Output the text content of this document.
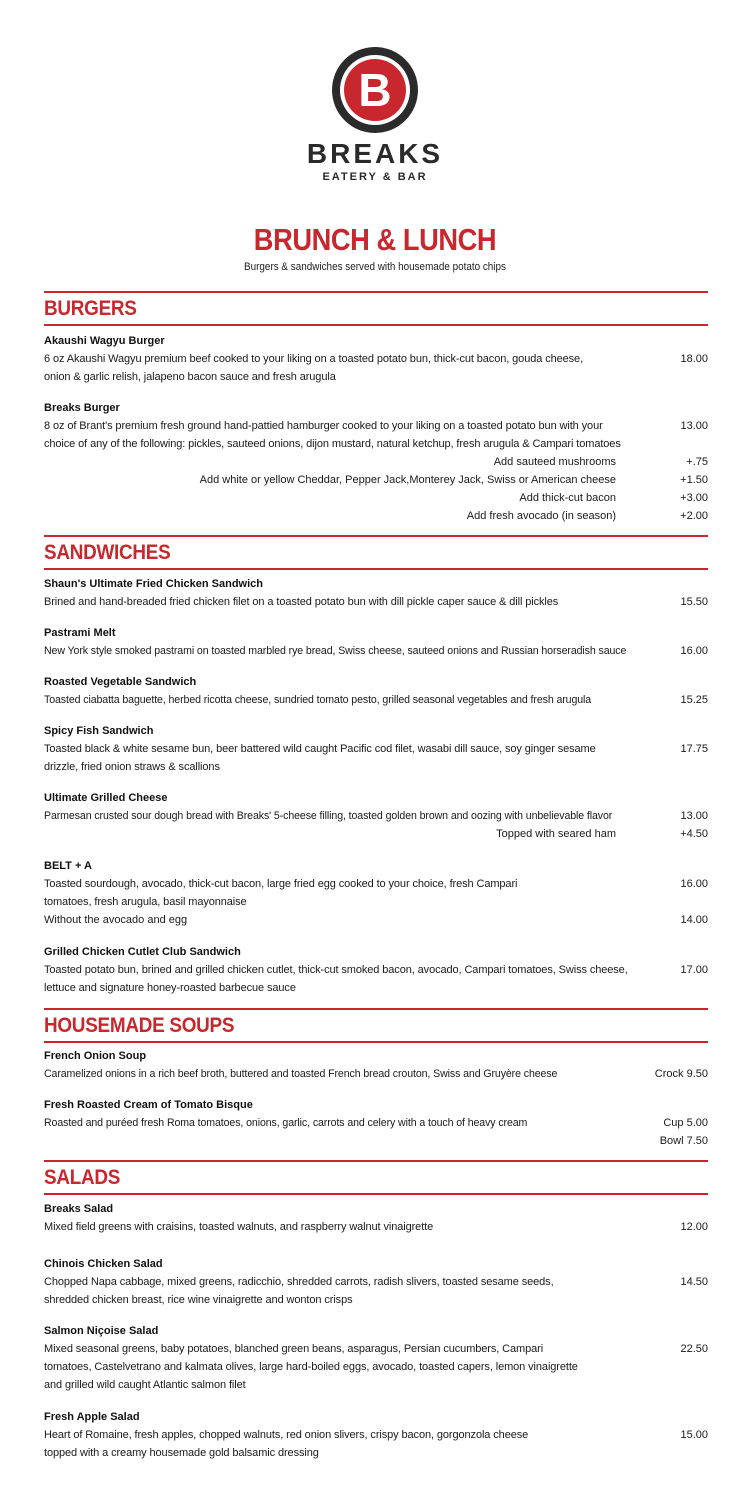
B
BREAKS
EATERY & BAR
BRUNCH & LUNCH
Burgers & sandwiches served with housemade potato chips
BURGERS
Akaushi Wagyu Burger
6 oz Akaushi Wagyu premium beef cooked to your liking on a toasted potato bun, thick-cut bacon, gouda cheese, onion & garlic relish, jalapeno bacon sauce and fresh arugula
18.00
Breaks Burger
8 oz of Brant's premium fresh ground hand-pattied hamburger cooked to your liking on a toasted potato bun with your choice of any of the following: pickles, sauteed onions, dijon mustard, natural ketchup, fresh arugula & Campari tomatoes
13.00
Add sauteed mushrooms	+.75
Add white or yellow Cheddar, Pepper Jack,Monterey Jack, Swiss or American cheese	+1.50
Add thick-cut bacon	+3.00
Add fresh avocado (in season)	+2.00
SANDWICHES
Shaun's Ultimate Fried Chicken Sandwich
Brined and hand-breaded fried chicken filet on a toasted potato bun with dill pickle caper sauce & dill pickles	15.50
Pastrami Melt
New York style smoked pastrami on toasted marbled rye bread, Swiss cheese, sauteed onions and Russian horseradish sauce	16.00
Roasted Vegetable Sandwich
Toasted ciabatta baguette, herbed ricotta cheese, sundried tomato pesto, grilled seasonal vegetables and fresh arugula	15.25
Spicy Fish Sandwich
Toasted black & white sesame bun, beer battered wild caught Pacific cod filet, wasabi dill sauce, soy ginger sesame drizzle, fried onion straws & scallions
17.75
Ultimate Grilled Cheese
Parmesan crusted sour dough bread with Breaks' 5-cheese filling, toasted golden brown and oozing with unbelievable flavor	13.00
Topped with seared ham	+4.50
BELT + A
Toasted sourdough, avocado, thick-cut bacon, large fried egg cooked to your choice, fresh Campari tomatoes, fresh arugula, basil mayonnaise
16.00
Without the avocado and egg	14.00
Grilled Chicken Cutlet Club Sandwich
Toasted potato bun, brined and grilled chicken cutlet, thick-cut smoked bacon, avocado, Campari tomatoes, Swiss cheese, lettuce and signature honey-roasted barbecue sauce
17.00
HOUSEMADE SOUPS
French Onion Soup
Caramelized onions in a rich beef broth, buttered and toasted French bread crouton, Swiss and Gruyère cheese	Crock 9.50
Fresh Roasted Cream of Tomato Bisque
Roasted and puréed fresh Roma tomatoes, onions, garlic, carrots and celery with a touch of heavy cream	Cup 5.00
Bowl 7.50
SALADS
Breaks Salad
Mixed field greens with craisins, toasted walnuts, and raspberry walnut vinaigrette	12.00
Chinois Chicken Salad
Chopped Napa cabbage, mixed greens, radicchio, shredded carrots, radish slivers, toasted sesame seeds, shredded chicken breast, rice wine vinaigrette and wonton crisps
14.50
Salmon Niçoise Salad
Mixed seasonal greens, baby potatoes, blanched green beans, asparagus, Persian cucumbers, Campari tomatoes, Castelvetrano and kalmata olives, large hard-boiled eggs, avocado, toasted capers, lemon vinaigrette and grilled wild caught Atlantic salmon filet
22.50
Fresh Apple Salad
Heart of Romaine, fresh apples, chopped walnuts, red onion slivers, crispy bacon, gorgonzola cheese topped with a creamy housemade gold balsamic dressing
15.00
